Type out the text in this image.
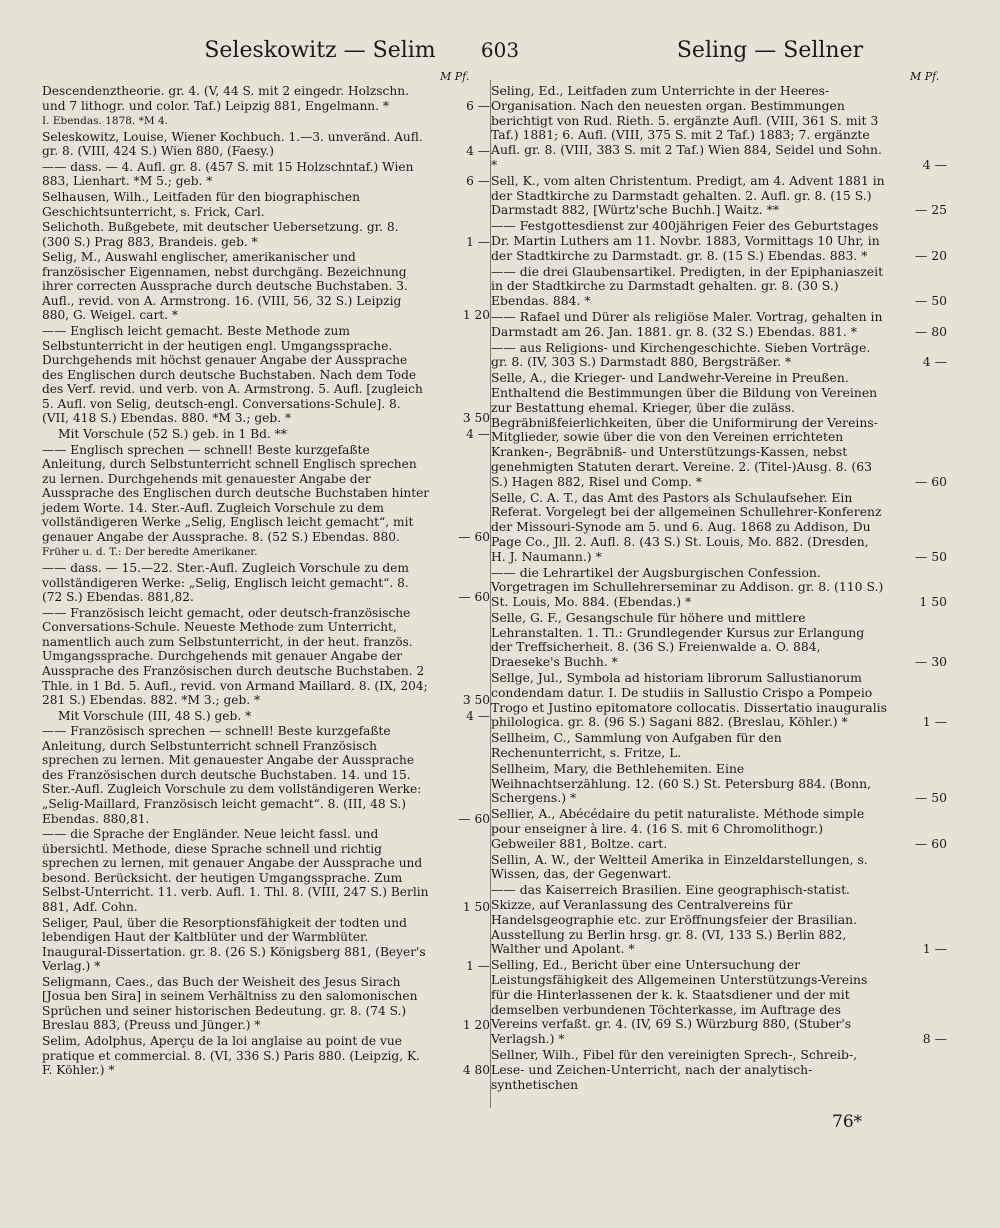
Seleskowitz — Selim	603	Seling — Sellner
M Pf.	M Pf.
Descendenztheorie. gr. 4. (V, 44 S. mit 2 eingedr. Holzschn. und 7 lithogr. und color. Taf.) Leipzig 881, Engelmann. *	6 —
I. Ebendas. 1878. *M 4.
Seleskowitz, Louise, Wiener Kochbuch. 1.—3. unveränd. Aufl. gr. 8. (VIII, 424 S.) Wien 880, (Faesy.)	4 —
—— dass. — 4. Aufl. gr. 8. (457 S. mit 15 Holzschntaf.) Wien 883, Lienhart. *M 5.; geb. *	6 —
Selhausen, Wilh., Leitfaden für den biographischen Geschichtsunterricht, s. Frick, Carl.
Selichoth. Bußgebete, mit deutscher Uebersetzung. gr. 8. (300 S.) Prag 883, Brandeis. geb. *	1 —
Selig, M., Auswahl englischer, amerikanischer und französischer Eigennamen, nebst durchgäng. Bezeichnung ihrer correcten Aussprache durch deutsche Buchstaben. 3. Aufl., revid. von A. Armstrong. 16. (VIII, 56, 32 S.) Leipzig 880, G. Weigel. cart. *	1 20
—— Englisch leicht gemacht. Beste Methode zum Selbstunterricht in der heutigen engl. Umgangssprache. Durchgehends mit höchst genauer Angabe der Aussprache des Englischen durch deutsche Buchstaben. Nach dem Tode des Verf. revid. und verb. von A. Armstrong. 5. Aufl. [zugleich 5. Aufl. von Selig, deutsch-engl. Conversations-Schule]. 8. (VII, 418 S.) Ebendas. 880. *M 3.; geb. *	3 50
Mit Vorschule (52 S.) geb. in 1 Bd. **	4 —
—— Englisch sprechen — schnell! Beste kurzgefaßte Anleitung, durch Selbstunterricht schnell Englisch sprechen zu lernen. Durchgehends mit genauester Angabe der Aussprache des Englischen durch deutsche Buchstaben hinter jedem Worte. 14. Ster.-Aufl. Zugleich Vorschule zu dem vollständigeren Werke „Selig, Englisch leicht gemacht“, mit genauer Angabe der Aussprache. 8. (52 S.) Ebendas. 880.	— 60
Früher u. d. T.: Der beredte Amerikaner.
—— dass. — 15.—22. Ster.-Aufl. Zugleich Vorschule zu dem vollständigeren Werke: „Selig, Englisch leicht gemacht“. 8. (72 S.) Ebendas. 881,82.	— 60
—— Französisch leicht gemacht, oder deutsch-französische Conversations-Schule. Neueste Methode zum Unterricht, namentlich auch zum Selbstunterricht, in der heut. französ. Umgangssprache. Durchgehends mit genauer Angabe der Aussprache des Französischen durch deutsche Buchstaben. 2 Thle. in 1 Bd. 5. Aufl., revid. von Armand Maillard. 8. (IX, 204; 281 S.) Ebendas. 882. *M 3.; geb. *	3 50
Mit Vorschule (III, 48 S.) geb. *	4 —
—— Französisch sprechen — schnell! Beste kurzgefaßte Anleitung, durch Selbstunterricht schnell Französisch sprechen zu lernen. Mit genauester Angabe der Aussprache des Französischen durch deutsche Buchstaben. 14. und 15. Ster.-Aufl. Zugleich Vorschule zu dem vollständigeren Werke: „Selig-Maillard, Französisch leicht gemacht“. 8. (III, 48 S.) Ebendas. 880,81.	— 60
—— die Sprache der Engländer. Neue leicht fassl. und übersichtl. Methode, diese Sprache schnell und richtig sprechen zu lernen, mit genauer Angabe der Aussprache und besond. Berücksicht. der heutigen Umgangssprache. Zum Selbst-Unterricht. 11. verb. Aufl. 1. Thl. 8. (VIII, 247 S.) Berlin 881, Adf. Cohn.	1 50
Seliger, Paul, über die Resorptionsfähigkeit der todten und lebendigen Haut der Kaltblüter und der Warmblüter. Inaugural-Dissertation. gr. 8. (26 S.) Königsberg 881, (Beyer's Verlag.) *	1 —
Seligmann, Caes., das Buch der Weisheit des Jesus Sirach [Josua ben Sira] in seinem Verhältniss zu den salomonischen Sprüchen und seiner historischen Bedeutung. gr. 8. (74 S.) Breslau 883, (Preuss und Jünger.) *	1 20
Selim, Adolphus, Aperçu de la loi anglaise au point de vue pratique et commercial. 8. (VI, 336 S.) Paris 880. (Leipzig, K. F. Köhler.) *	4 80
Seling, Ed., Leitfaden zum Unterrichte in der Heeres-Organisation. Nach den neuesten organ. Bestimmungen berichtigt von Rud. Rieth. 5. ergänzte Aufl. (VIII, 361 S. mit 3 Taf.) 1881; 6. Aufl. (VIII, 375 S. mit 2 Taf.) 1883; 7. ergänzte Aufl. gr. 8. (VIII, 383 S. mit 2 Taf.) Wien 884, Seidel und Sohn. *	4 —
Sell, K., vom alten Christentum. Predigt, am 4. Advent 1881 in der Stadtkirche zu Darmstadt gehalten. 2. Aufl. gr. 8. (15 S.) Darmstadt 882, [Würtz'sche Buchh.] Waitz. **	— 25
—— Festgottesdienst zur 400jährigen Feier des Geburtstages Dr. Martin Luthers am 11. Novbr. 1883, Vormittags 10 Uhr, in der Stadtkirche zu Darmstadt. gr. 8. (15 S.) Ebendas. 883. *	— 20
—— die drei Glaubensartikel. Predigten, in der Epiphaniaszeit in der Stadtkirche zu Darmstadt gehalten. gr. 8. (30 S.) Ebendas. 884. *	— 50
—— Rafael und Dürer als religiöse Maler. Vortrag, gehalten in Darmstadt am 26. Jan. 1881. gr. 8. (32 S.) Ebendas. 881. *	— 80
—— aus Religions- und Kirchengeschichte. Sieben Vorträge. gr. 8. (IV, 303 S.) Darmstadt 880, Bergsträßer. *	4 —
Selle, A., die Krieger- und Landwehr-Vereine in Preußen. Enthaltend die Bestimmungen über die Bildung von Vereinen zur Bestattung ehemal. Krieger, über die zuläss. Begräbnißfeierlichkeiten, über die Uniformirung der Vereins-Mitglieder, sowie über die von den Vereinen errichteten Kranken-, Begräbniß- und Unterstützungs-Kassen, nebst genehmigten Statuten derart. Vereine. 2. (Titel-)Ausg. 8. (63 S.) Hagen 882, Risel und Comp. *	— 60
Selle, C. A. T., das Amt des Pastors als Schulaufseher. Ein Referat. Vorgelegt bei der allgemeinen Schullehrer-Konferenz der Missouri-Synode am 5. und 6. Aug. 1868 zu Addison, Du Page Co., Jll. 2. Aufl. 8. (43 S.) St. Louis, Mo. 882. (Dresden, H. J. Naumann.) *	— 50
—— die Lehrartikel der Augsburgischen Confession. Vorgetragen im Schullehrerseminar zu Addison. gr. 8. (110 S.) St. Louis, Mo. 884. (Ebendas.) *	1 50
Selle, G. F., Gesangschule für höhere und mittlere Lehranstalten. 1. Tl.: Grundlegender Kursus zur Erlangung der Treffsicherheit. 8. (36 S.) Freienwalde a. O. 884, Draeseke's Buchh. *	— 30
Sellge, Jul., Symbola ad historiam librorum Sallustianorum condendam datur. I. De studiis in Sallustio Crispo a Pompeio Trogo et Justino epitomatore collocatis. Dissertatio inauguralis philologica. gr. 8. (96 S.) Sagani 882. (Breslau, Köhler.) *	1 —
Sellheim, C., Sammlung von Aufgaben für den Rechenunterricht, s. Fritze, L.
Sellheim, Mary, die Bethlehemiten. Eine Weihnachtserzählung. 12. (60 S.) St. Petersburg 884. (Bonn, Schergens.) *	— 50
Sellier, A., Abécédaire du petit naturaliste. Méthode simple pour enseigner à lire. 4. (16 S. mit 6 Chromolithogr.) Gebweiler 881, Boltze. cart.	— 60
Sellin, A. W., der Weltteil Amerika in Einzeldarstellungen, s. Wissen, das, der Gegenwart.
—— das Kaiserreich Brasilien. Eine geographisch-statist. Skizze, auf Veranlassung des Centralvereins für Handelsgeographie etc. zur Eröffnungsfeier der Brasilian. Ausstellung zu Berlin hrsg. gr. 8. (VI, 133 S.) Berlin 882, Walther und Apolant. *	1 —
Selling, Ed., Bericht über eine Untersuchung der Leistungsfähigkeit des Allgemeinen Unterstützungs-Vereins für die Hinterlassenen der k. k. Staatsdiener und der mit demselben verbundenen Töchterkasse, im Auftrage des Vereins verfaßt. gr. 4. (IV, 69 S.) Würzburg 880, (Stuber's Verlagsh.) *	8 —
Sellner, Wilh., Fibel für den vereinigten Sprech-, Schreib-, Lese- und Zeichen-Unterricht, nach der analytisch-synthetischen
76*
